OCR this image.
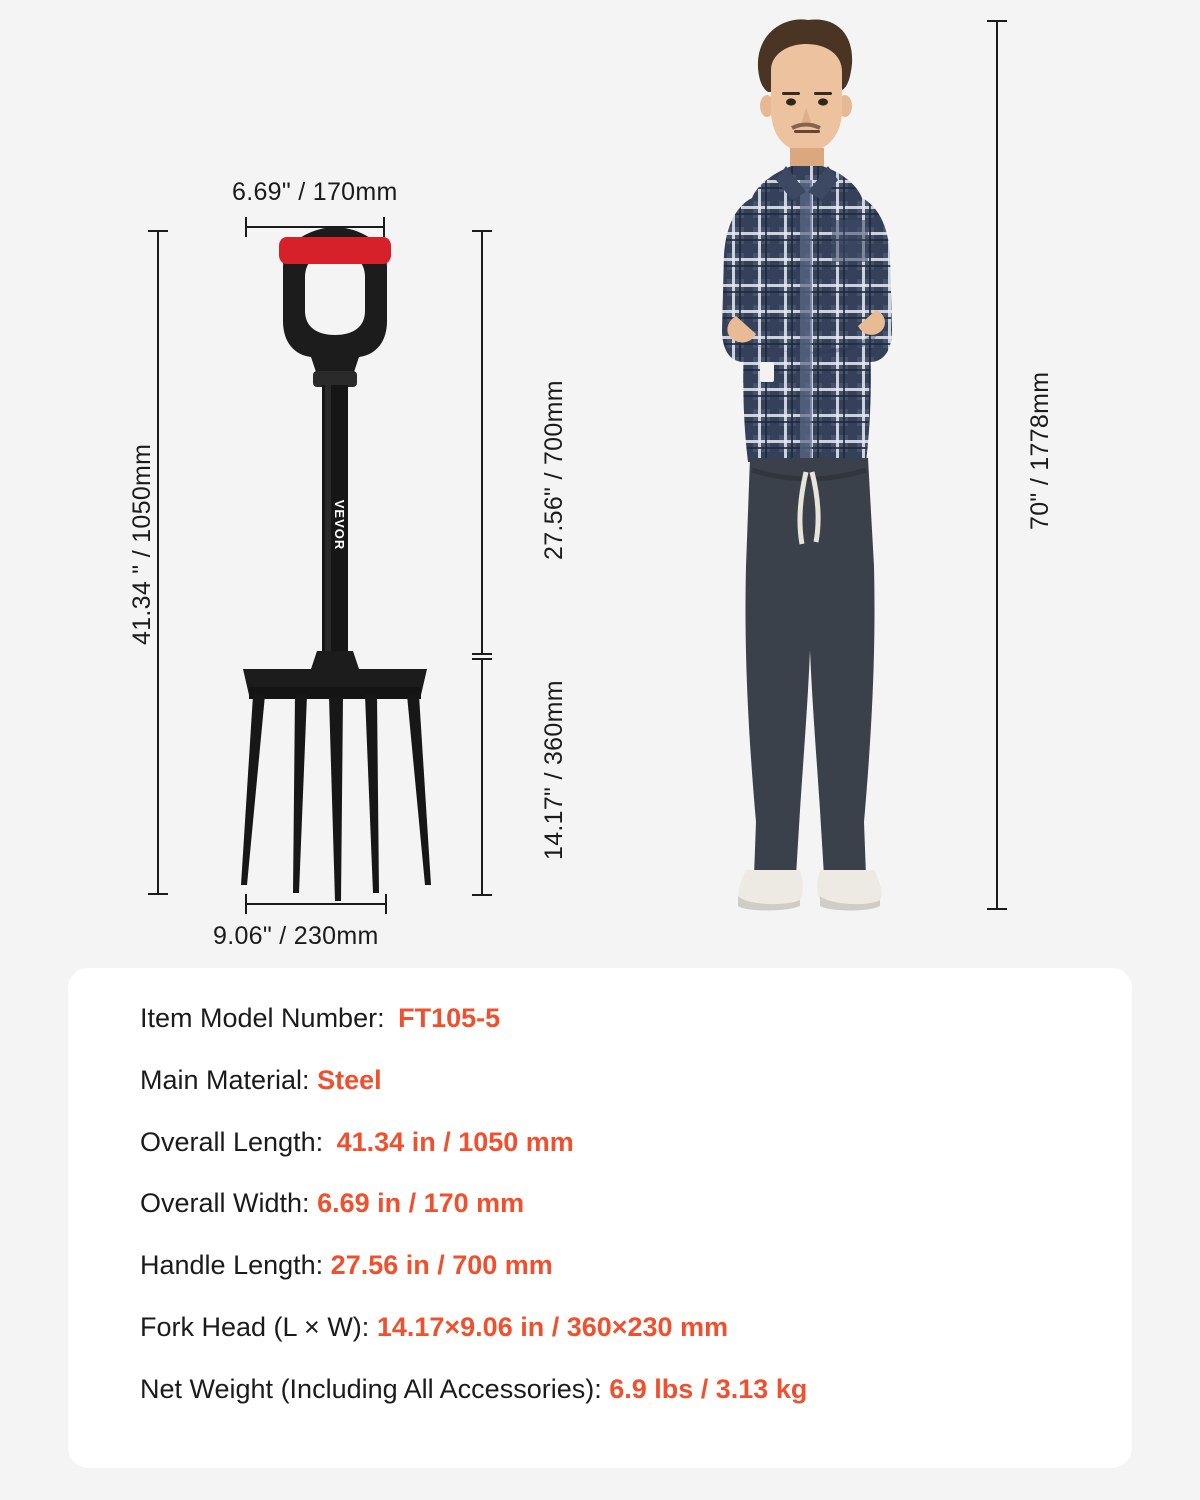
VEVOR
6.69" / 170mm
41.34 " / 1050mm	27.56" / 700mm
14.17" / 360mm
9.06" / 230mm
70" / 1778mm
Item Model Number: FT105-5
Main Material: Steel
Overall Length: 41.34 in / 1050 mm
Overall Width: 6.69 in / 170 mm
Handle Length: 27.56 in / 700 mm
Fork Head (L × W): 14.17×9.06 in / 360×230 mm
Net Weight (Including All Accessories): 6.9 lbs / 3.13 kg
